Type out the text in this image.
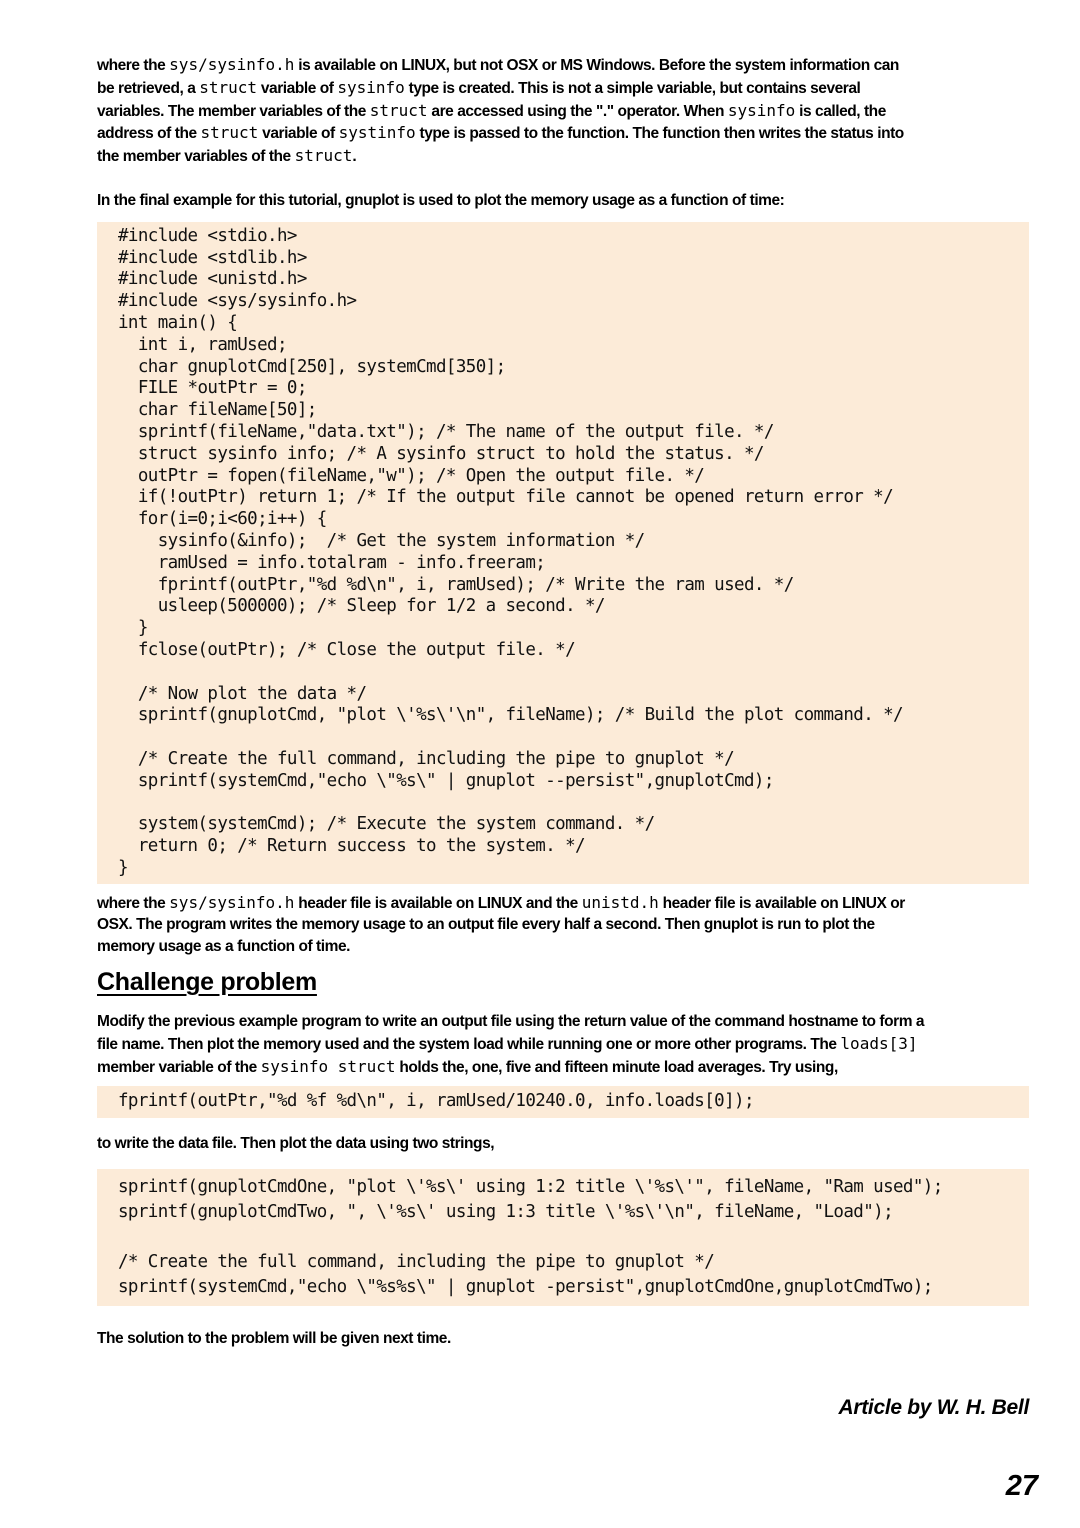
where the sys/sysinfo.h is available on LINUX, but not OSX or MS Windows. Before the system information can
be retrieved, a struct variable of sysinfo type is created. This is not a simple variable, but contains several
variables. The member variables of the struct are accessed using the "." operator. When sysinfo is called, the
address of the struct variable of systinfo type is passed to the function. The function then writes the status into
the member variables of the struct.

In the final example for this tutorial, gnuplot is used to plot the memory usage as a function of time:

#include <stdio.h>
#include <stdlib.h>
#include <unistd.h>
#include <sys/sysinfo.h>
int main() {
int i, ramUsed;
char gnuplotCmd[250], systemCmd[350];
FILE *outPtr = 0;
char fileName[50];
sprintf(fileName,"data.txt"); /* The name of the output file. */
struct sysinfo info; /* A sysinfo struct to hold the status. */
outPtr = fopen(fileName,"w"); /* Open the output file. */
if(!outPtr) return 1; /* If the output file cannot be opened return error */
for(i=0;i<60;i++) {
sysinfo(&info);  /* Get the system information */
ramUsed = info.totalram - info.freeram;
fprintf(outPtr,"%d %d\n", i, ramUsed); /* Write the ram used. */
usleep(500000); /* Sleep for 1/2 a second. */
}
fclose(outPtr); /* Close the output file. */

/* Now plot the data */
sprintf(gnuplotCmd, "plot \'%s\'\n", fileName); /* Build the plot command. */

/* Create the full command, including the pipe to gnuplot */
sprintf(systemCmd,"echo \"%s\" | gnuplot --persist",gnuplotCmd);

system(systemCmd); /* Execute the system command. */
return 0; /* Return success to the system. */
}

where the sys/sysinfo.h header file is available on LINUX and the unistd.h header file is available on LINUX or
OSX. The program writes the memory usage to an output file every half a second. Then gnuplot is run to plot the
memory usage as a function of time.

Challenge problem

Modify the previous example program to write an output file using the return value of the command hostname to form a
file name. Then plot the memory used and the system load while running one or more other programs. The loads[3]
member variable of the sysinfo struct holds the, one, five and fifteen minute load averages. Try using,

fprintf(outPtr,"%d %f %d\n", i, ramUsed/10240.0, info.loads[0]);

to write the data file. Then plot the data using two strings,

sprintf(gnuplotCmdOne, "plot \'%s\' using 1:2 title \'%s\'", fileName, "Ram used");
sprintf(gnuplotCmdTwo, ", \'%s\' using 1:3 title \'%s\'\n", fileName, "Load");

/* Create the full command, including the pipe to gnuplot */
sprintf(systemCmd,"echo \"%s%s\" | gnuplot -persist",gnuplotCmdOne,gnuplotCmdTwo);

The solution to the problem will be given next time.

Article by W. H. Bell
27
